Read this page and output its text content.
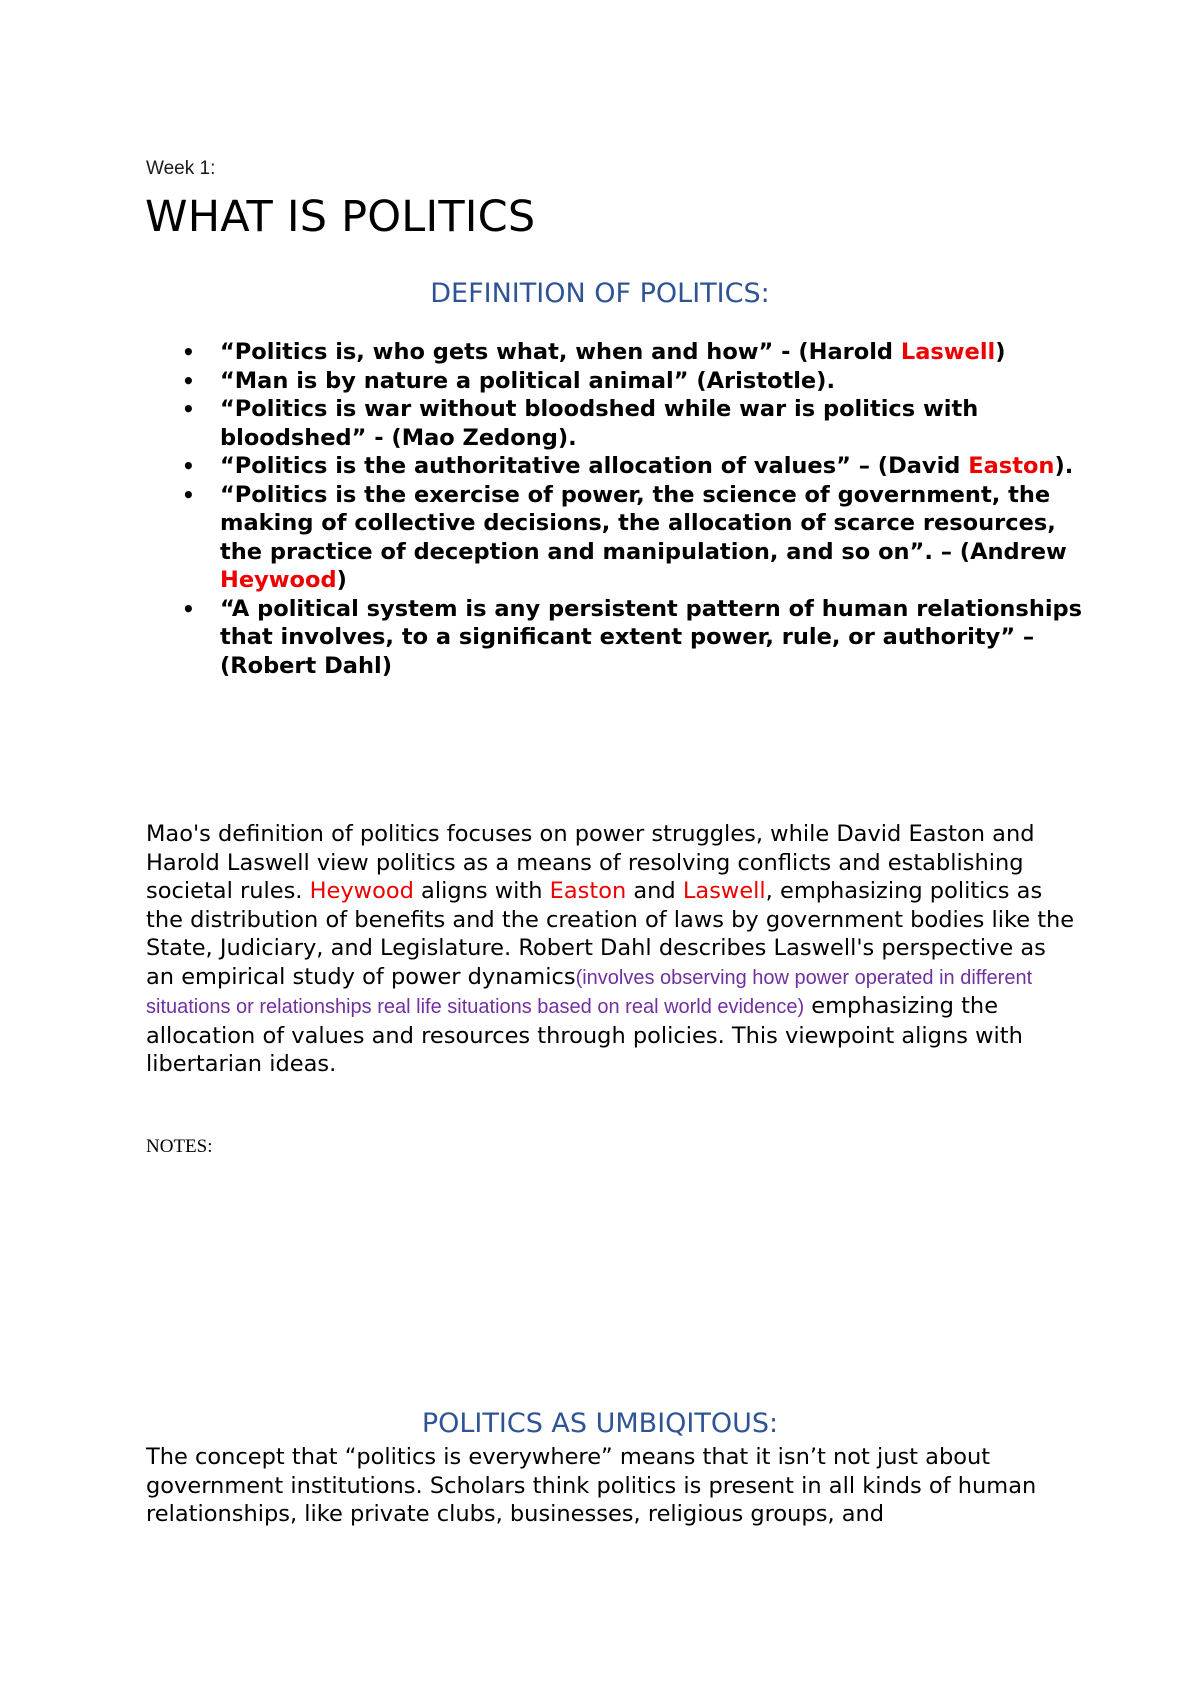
Week 1:

WHAT IS POLITICS
DEFINITION OF POLITICS:
• “Politics is, who gets what, when and how” - (Harold Laswell)
• “Man is by nature a political animal” (Aristotle).
• “Politics is war without bloodshed while war is politics with bloodshed” - (Mao Zedong).
• “Politics is the authoritative allocation of values” – (David Easton).
• “Politics is the exercise of power, the science of government, the making of collective decisions, the allocation of scarce resources, the practice of deception and manipulation, and so on”. – (Andrew Heywood)
• “A political system is any persistent pattern of human relationships that involves, to a significant extent power, rule, or authority” – (Robert Dahl)

Mao's definition of politics focuses on power struggles, while David Easton and Harold Laswell view politics as a means of resolving conflicts and establishing societal rules. Heywood aligns with Easton and Laswell, emphasizing politics as the distribution of benefits and the creation of laws by government bodies like the State, Judiciary, and Legislature. Robert Dahl describes Laswell's perspective as an empirical study of power dynamics(involves observing how power operated in different situations or relationships real life situations based on real world evidence) emphasizing the allocation of values and resources through policies. This viewpoint aligns with libertarian ideas.

NOTES:

POLITICS AS UMBIQITOUS:

The concept that “politics is everywhere” means that it isn’t not just about government institutions. Scholars think politics is present in all kinds of human relationships, like private clubs, businesses, religious groups, and
